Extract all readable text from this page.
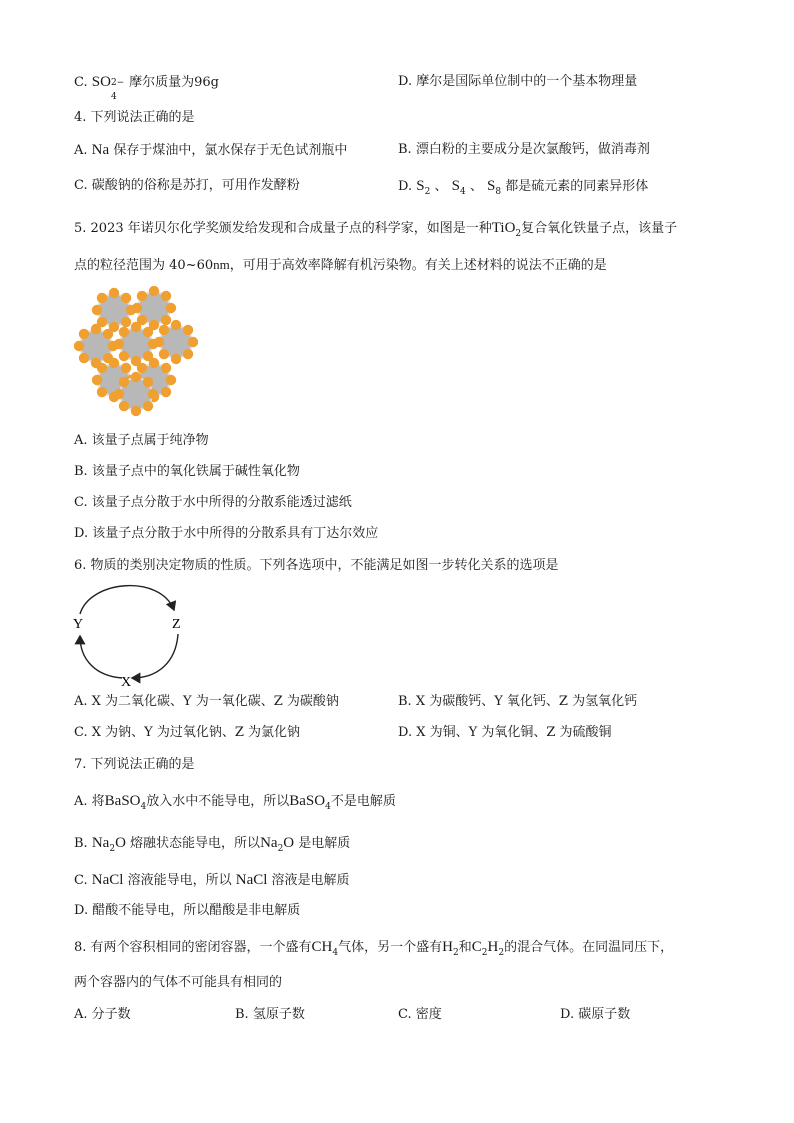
C. SO 2−
4
摩尔质量为96g	D. 摩尔是国际单位制中的一个基本物理量
4. 下列说法正确的是
A. Na 保存于煤油中，氯水保存于无色试剂瓶中	B. 漂白粉的主要成分是次氯酸钙，做消毒剂
C. 碳酸钠的俗称是苏打，可用作发酵粉	D. $S_2$ 、 $S_4$ 、 $S_8$ 都是硫元素的同素异形体
5. 2023 年诺贝尔化学奖颁发给发现和合成量子点的科学家，如图是一种TiO$_2$复合氧化铁量子点，该量子
点的粒径范围为 40~60nm，可用于高效率降解有机污染物。有关上述材料的说法不正确的是
A. 该量子点属于纯净物
B. 该量子点中的氧化铁属于碱性氧化物
C. 该量子点分散于水中所得的分散系能透过滤纸
D. 该量子点分散于水中所得的分散系具有丁达尔效应
6. 物质的类别决定物质的性质。下列各选项中，不能满足如图一步转化关系的选项是
Y	Z
X
A. X 为二氧化碳、Y 为一氧化碳、Z 为碳酸钠	B. X 为碳酸钙、Y 氧化钙、Z 为氢氧化钙
C. X 为钠、Y 为过氧化钠、Z 为氯化钠	D. X 为铜、Y 为氧化铜、Z 为硫酸铜
7. 下列说法正确的是
A. 将BaSO$_4$放入水中不能导电，所以BaSO$_4$不是电解质
B. $Na_2O$ 熔融状态能导电，所以$Na_2O$ 是电解质
C. NaCl 溶液能导电，所以 NaCl 溶液是电解质
D. 醋酸不能导电，所以醋酸是非电解质
8. 有两个容积相同的密闭容器，一个盛有$CH_4$气体，另一个盛有$H_2$和$C_2H_2$的混合气体。在同温同压下，
两个容器内的气体不可能具有相同的
A. 分子数	B. 氢原子数	C. 密度	D. 碳原子数
